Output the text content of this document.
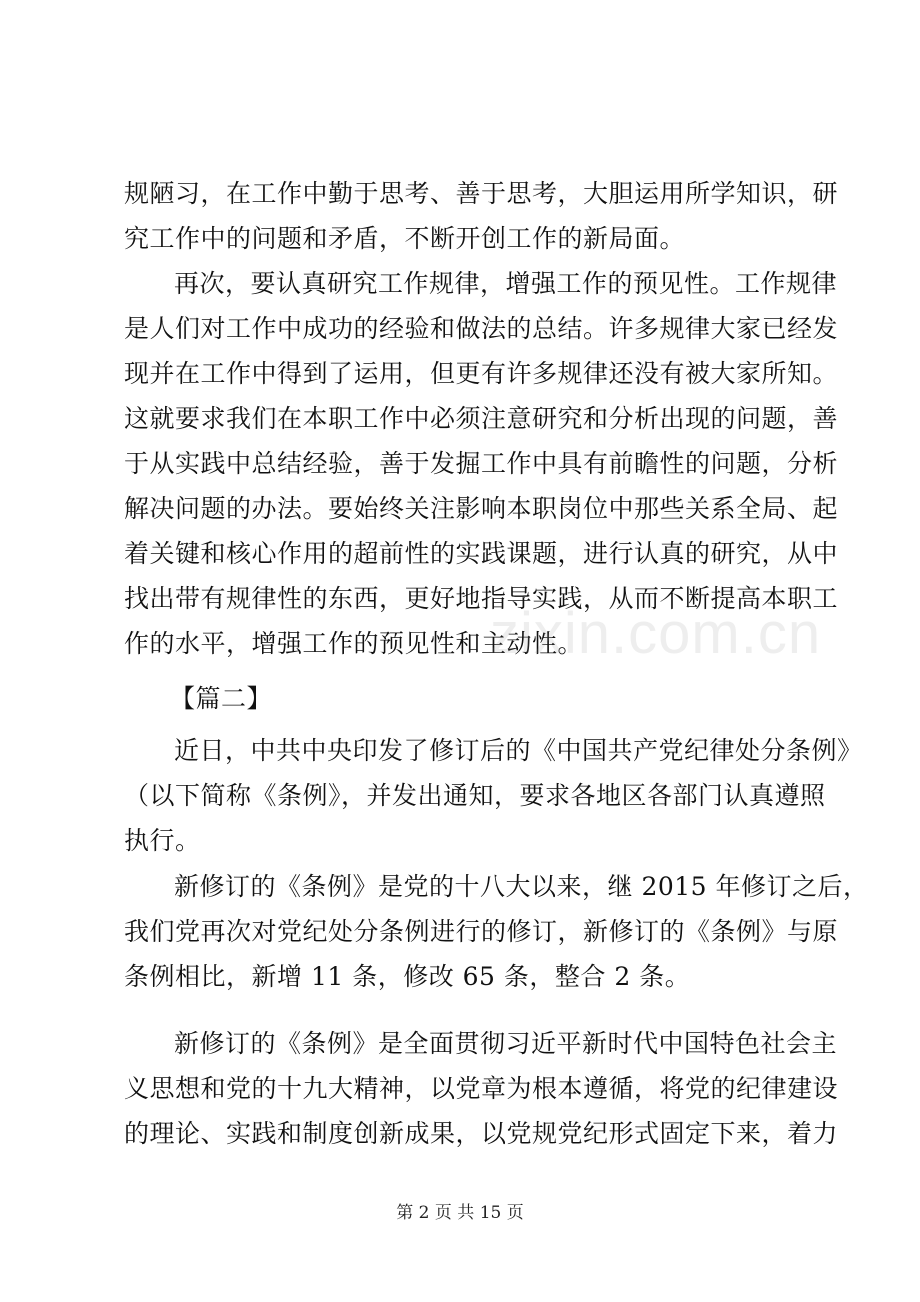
规陋习，在工作中勤于思考、善于思考，大胆运用所学知识，研
究工作中的问题和矛盾，不断开创工作的新局面。
再次，要认真研究工作规律，增强工作的预见性。工作规律
是人们对工作中成功的经验和做法的总结。许多规律大家已经发
现并在工作中得到了运用，但更有许多规律还没有被大家所知。
这就要求我们在本职工作中必须注意研究和分析出现的问题，善
于从实践中总结经验，善于发掘工作中具有前瞻性的问题，分析
解决问题的办法。要始终关注影响本职岗位中那些关系全局、起
着关键和核心作用的超前性的实践课题，进行认真的研究，从中
找出带有规律性的东西，更好地指导实践，从而不断提高本职工
作的水平，增强工作的预见性和主动性。
【篇二】
近日，中共中央印发了修订后的《中国共产党纪律处分条例》
（以下简称《条例》，并发出通知，要求各地区各部门认真遵照
执行。
新修订的《条例》是党的十八大以来，继 2015 年修订之后，
我们党再次对党纪处分条例进行的修订，新修订的《条例》与原
条例相比，新增 11 条，修改 65 条，整合 2 条。
新修订的《条例》是全面贯彻习近平新时代中国特色社会主
义思想和党的十九大精神，以党章为根本遵循，将党的纪律建设
的理论、实践和制度创新成果，以党规党纪形式固定下来，着力
zixin.com.cn
第 2 页 共 15 页
